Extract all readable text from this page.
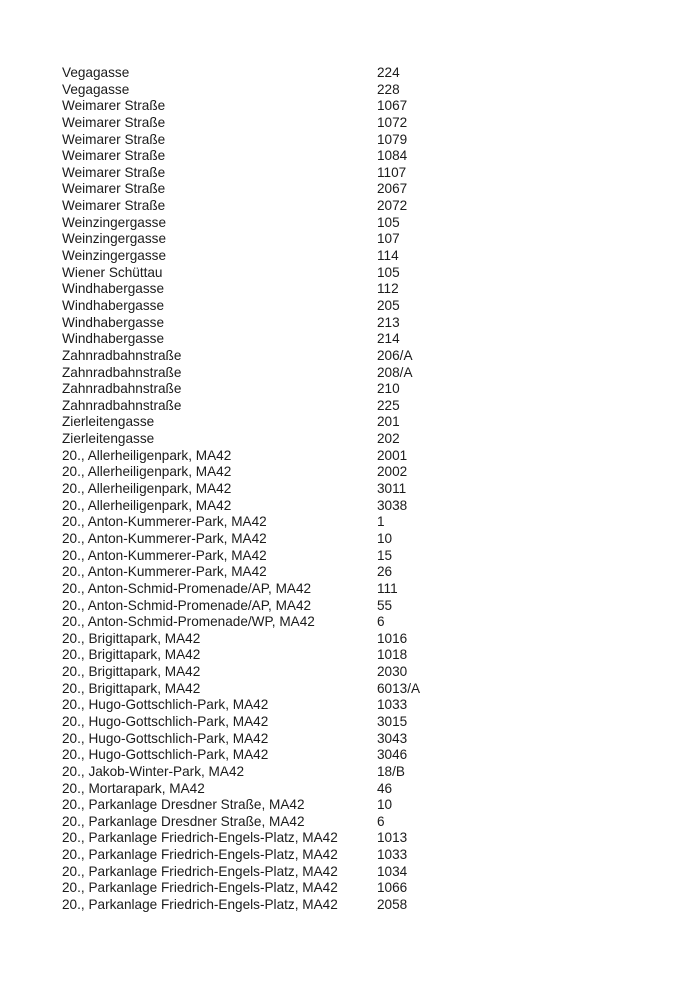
Vegagasse	224
Vegagasse	228
Weimarer Straße	1067
Weimarer Straße	1072
Weimarer Straße	1079
Weimarer Straße	1084
Weimarer Straße	1107
Weimarer Straße	2067
Weimarer Straße	2072
Weinzingergasse	105
Weinzingergasse	107
Weinzingergasse	114
Wiener Schüttau	105
Windhabergasse	112
Windhabergasse	205
Windhabergasse	213
Windhabergasse	214
Zahnradbahnstraße	206/A
Zahnradbahnstraße	208/A
Zahnradbahnstraße	210
Zahnradbahnstraße	225
Zierleitengasse	201
Zierleitengasse	202
20., Allerheiligenpark, MA42	2001
20., Allerheiligenpark, MA42	2002
20., Allerheiligenpark, MA42	3011
20., Allerheiligenpark, MA42	3038
20., Anton-Kummerer-Park, MA42	1
20., Anton-Kummerer-Park, MA42	10
20., Anton-Kummerer-Park, MA42	15
20., Anton-Kummerer-Park, MA42	26
20., Anton-Schmid-Promenade/AP, MA42	111
20., Anton-Schmid-Promenade/AP, MA42	55
20., Anton-Schmid-Promenade/WP, MA42	6
20., Brigittapark, MA42	1016
20., Brigittapark, MA42	1018
20., Brigittapark, MA42	2030
20., Brigittapark, MA42	6013/A
20., Hugo-Gottschlich-Park, MA42	1033
20., Hugo-Gottschlich-Park, MA42	3015
20., Hugo-Gottschlich-Park, MA42	3043
20., Hugo-Gottschlich-Park, MA42	3046
20., Jakob-Winter-Park, MA42	18/B
20., Mortarapark, MA42	46
20., Parkanlage Dresdner Straße, MA42	10
20., Parkanlage Dresdner Straße, MA42	6
20., Parkanlage Friedrich-Engels-Platz, MA42	1013
20., Parkanlage Friedrich-Engels-Platz, MA42	1033
20., Parkanlage Friedrich-Engels-Platz, MA42	1034
20., Parkanlage Friedrich-Engels-Platz, MA42	1066
20., Parkanlage Friedrich-Engels-Platz, MA42	2058
